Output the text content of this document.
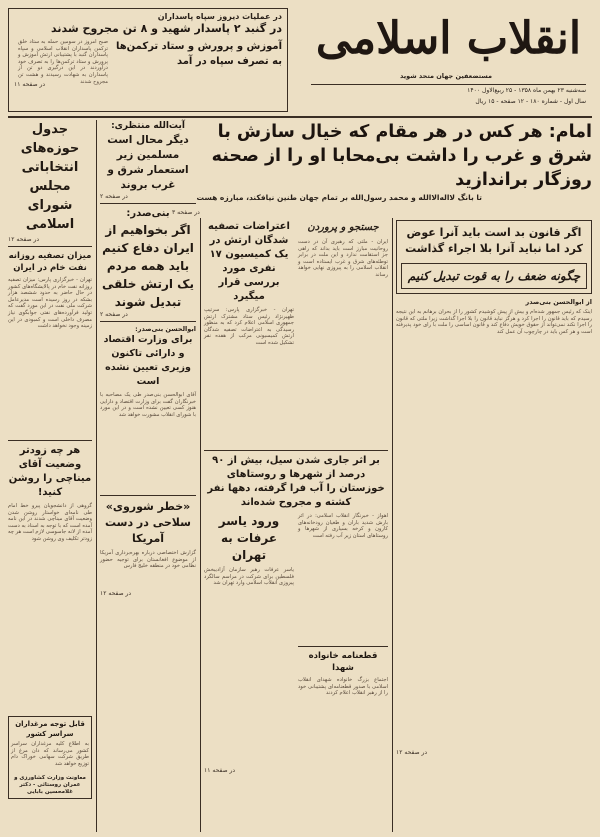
انقلاب اسلامی
مستضعفین جهان متحد شوید
سه‌شنبه ۲۳ بهمن ماه ۱۳۵۸ - ۲۵ ربیع‌الاول ۱۴۰۰
سال اول - شماره ۱۸۰ - ۱۲ صفحه - ۱۵ ریال
در عملیات دیروز سپاه پاسداران
در گنبد ۲ پاسدار شهید و ۸ تن مجروح شدند
آموزش و پرورش و ستاد ترکمن‌ها
به تصرف سپاه در آمد
صبح امروز در سومین حمله به ستاد خلق ترکمن پاسداران انقلاب اسلامی و سپاه پاسداران گنبد با پشتیبانی ارتش آموزش و پرورش و ستاد ترکمن‌ها را به تصرف خود درآوردند در این درگیری دو تن از پاسداران به شهادت رسیدند و هشت تن مجروح شدند
در صفحه ۱۱
امام: هر کس در هر مقام که خیال سازش با شرق و غرب را داشت بی‌محابا او را از صحنه روزگار براندازید
تا بانگ لااله‌الاالله و محمد رسول‌الله بر تمام جهان طنین نیافکند، مبارزه هست
در صفحه ۳
جدول حوزه‌های انتخاباتی مجلس شورای اسلامی
در صفحه ۱۲
میزان تصفیه روزانه نفت خام در ایران
تهران - خبرگزاری پارس: میزان تصفیه روزانه نفت خام در پالایشگاه‌های کشور در حال حاضر به حدود ششصد هزار بشکه در روز رسیده است مدیرعامل شرکت ملی نفت در این مورد گفت که تولید فرآورده‌های نفتی جوابگوی نیاز مصرف داخلی است و کمبودی در این زمینه وجود نخواهد داشت
هر چه زودتر وضعیت آقای میناچی را روشن کنید!
گروهی از دانشجویان پیرو خط امام طی نامه‌ای خواستار روشن شدن وضعیت آقای میناچی شدند در این نامه آمده است که با توجه به اسناد به دست آمده از لانه جاسوسی لازم است هر چه زودتر تکلیف وی روشن شود
قابل توجه مرغداران سراسر کشور
به اطلاع کلیه مرغداران سراسر کشور می‌رساند که دان مرغ از طریق شرکت سهامی خوراک دام توزیع خواهد شد
معاونت وزارت کشاورزی و عمران روستائی - دکتر غلامحسین بابایی
آیت‌الله منتظری:
دیگر محال است مسلمین زیر استعمار شرق و غرب بروند
در صفحه ۲
بنی‌صدر:
اگر بخواهیم از ایران دفاع کنیم باید همه مردم یک ارتش خلقی تبدیل شوند
در صفحه ۲
ابوالحسن بنی‌صدر:
برای وزارت اقتصاد و دارائی تاکنون وزیری تعیین نشده است
آقای ابوالحسن بنی‌صدر طی یک مصاحبه با خبرنگاران گفت برای وزارت اقتصاد و دارایی هنوز کسی تعیین نشده است و در این مورد با شورای انقلاب مشورت خواهد شد
«خطر شوروی» سلاحی در دست آمریکا
گزارش اختصاصی درباره بهره‌برداری آمریکا از موضوع افغانستان برای توجیه حضور نظامی خود در منطقه خلیج فارس
در صفحه ۱۲
اعتراضات تصفیه شدگان ارتش در یک کمیسیون ۱۷ نفری مورد بررسی قرار میگیرد
تهران - خبرگزاری پارس: سرتیپ ظهیرنژاد رئیس ستاد مشترک ارتش جمهوری اسلامی اعلام کرد که به منظور رسیدگی به اعتراضات تصفیه شدگان ارتش کمیسیونی مرکب از هفده نفر تشکیل شده است
جستجو و پروردن
ایران - ملتی که رهبری آن در دست روحانیت مبارز است باید بداند که راهی جز استقامت ندارد و این ملت در برابر توطئه‌های شرق و غرب ایستاده است و انقلاب اسلامی را به پیروزی نهایی خواهد رساند
بر اثر جاری شدن سیل، بیش از ۹۰ درصد از شهرها و روستاهای خوزستان را آب فرا گرفته، دهها نفر کشته و مجروح شده‌اند
ورود یاسر عرفات به تهران
یاسر عرفات رهبر سازمان آزادیبخش فلسطین برای شرکت در مراسم سالگرد پیروزی انقلاب اسلامی وارد تهران شد
در صفحه ۱۱
اهواز - خبرنگار انقلاب اسلامی: در اثر بارش شدید باران و طغیان رودخانه‌های کارون و کرخه بسیاری از شهرها و روستاهای استان زیر آب رفته است
قطعنامه خانواده شهدا
اجتماع بزرگ خانواده شهدای انقلاب اسلامی با صدور قطعنامه‌ای پشتیبانی خود را از رهبر انقلاب اعلام کردند
اگر قانون بد است باید آنرا عوض کرد اما نباید آنرا بلا اجراء گذاشت
چگونه ضعف را به قوت تبدیل کنیم
از ابوالحسن بنی‌صدر
اینک که رئیس جمهور شده‌ام و بیش از پیش کوشیدم کشور را از بحران برهانم به این نتیجه رسیدم که باید قانون را اجرا کرد و هرگز نباید قانون را بلا اجرا گذاشت زیرا ملتی که قانون را اجرا نکند نمی‌تواند از حقوق خویش دفاع کند و قانون اساسی را ملت با رای خود پذیرفته است و هر کس باید در چارچوب آن عمل کند
در صفحه ۱۲
